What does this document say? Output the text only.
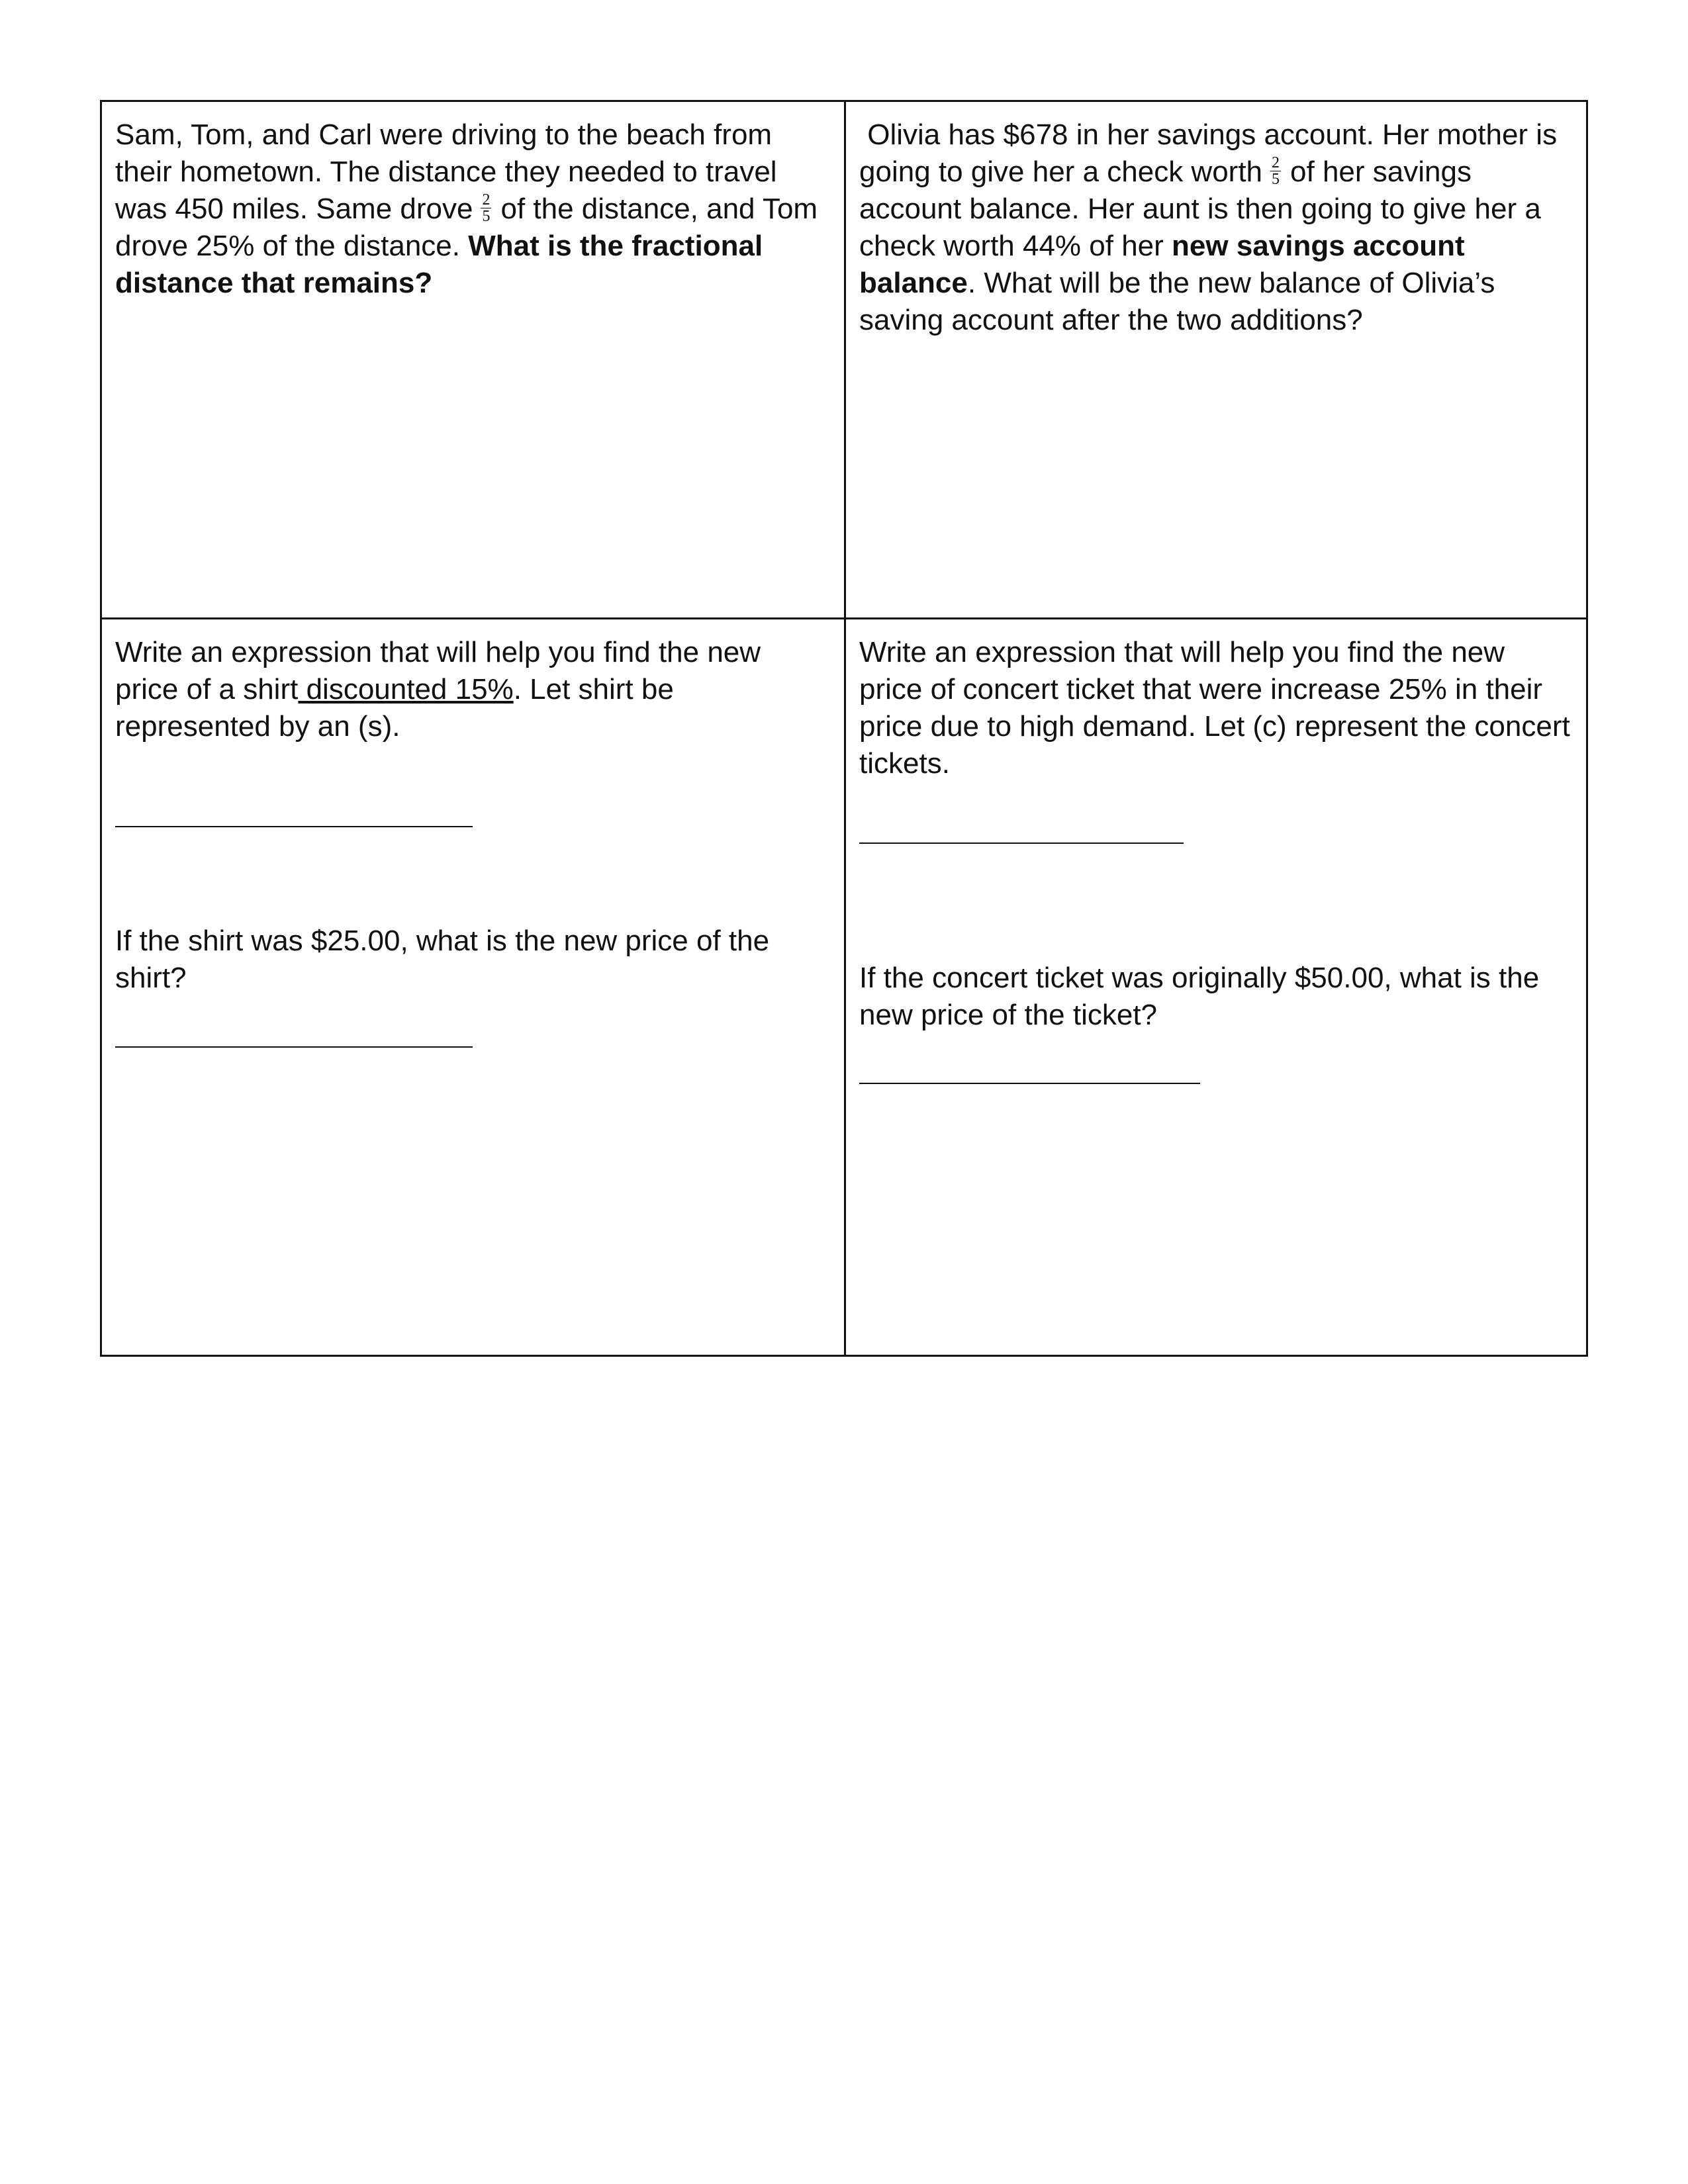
Sam, Tom, and Carl were driving to the beach from their hometown. The distance they needed to travel was 450 miles. Same drove $\frac{2}{5}$ of the distance, and Tom drove 25% of the distance. What is the fractional distance that remains?

Olivia has $678 in her savings account. Her mother is going to give her a check worth $\frac{2}{5}$ of her savings account balance. Her aunt is then going to give her a check worth 44% of her new savings account balance. What will be the new balance of Olivia’s saving account after the two additions?

Write an expression that will help you find the new price of a shirt discounted 15%. Let shirt be represented by an (s).

If the shirt was $25.00, what is the new price of the shirt?

Write an expression that will help you find the new price of concert ticket that were increase 25% in their price due to high demand. Let (c) represent the concert tickets.

If the concert ticket was originally $50.00, what is the new price of the ticket?
